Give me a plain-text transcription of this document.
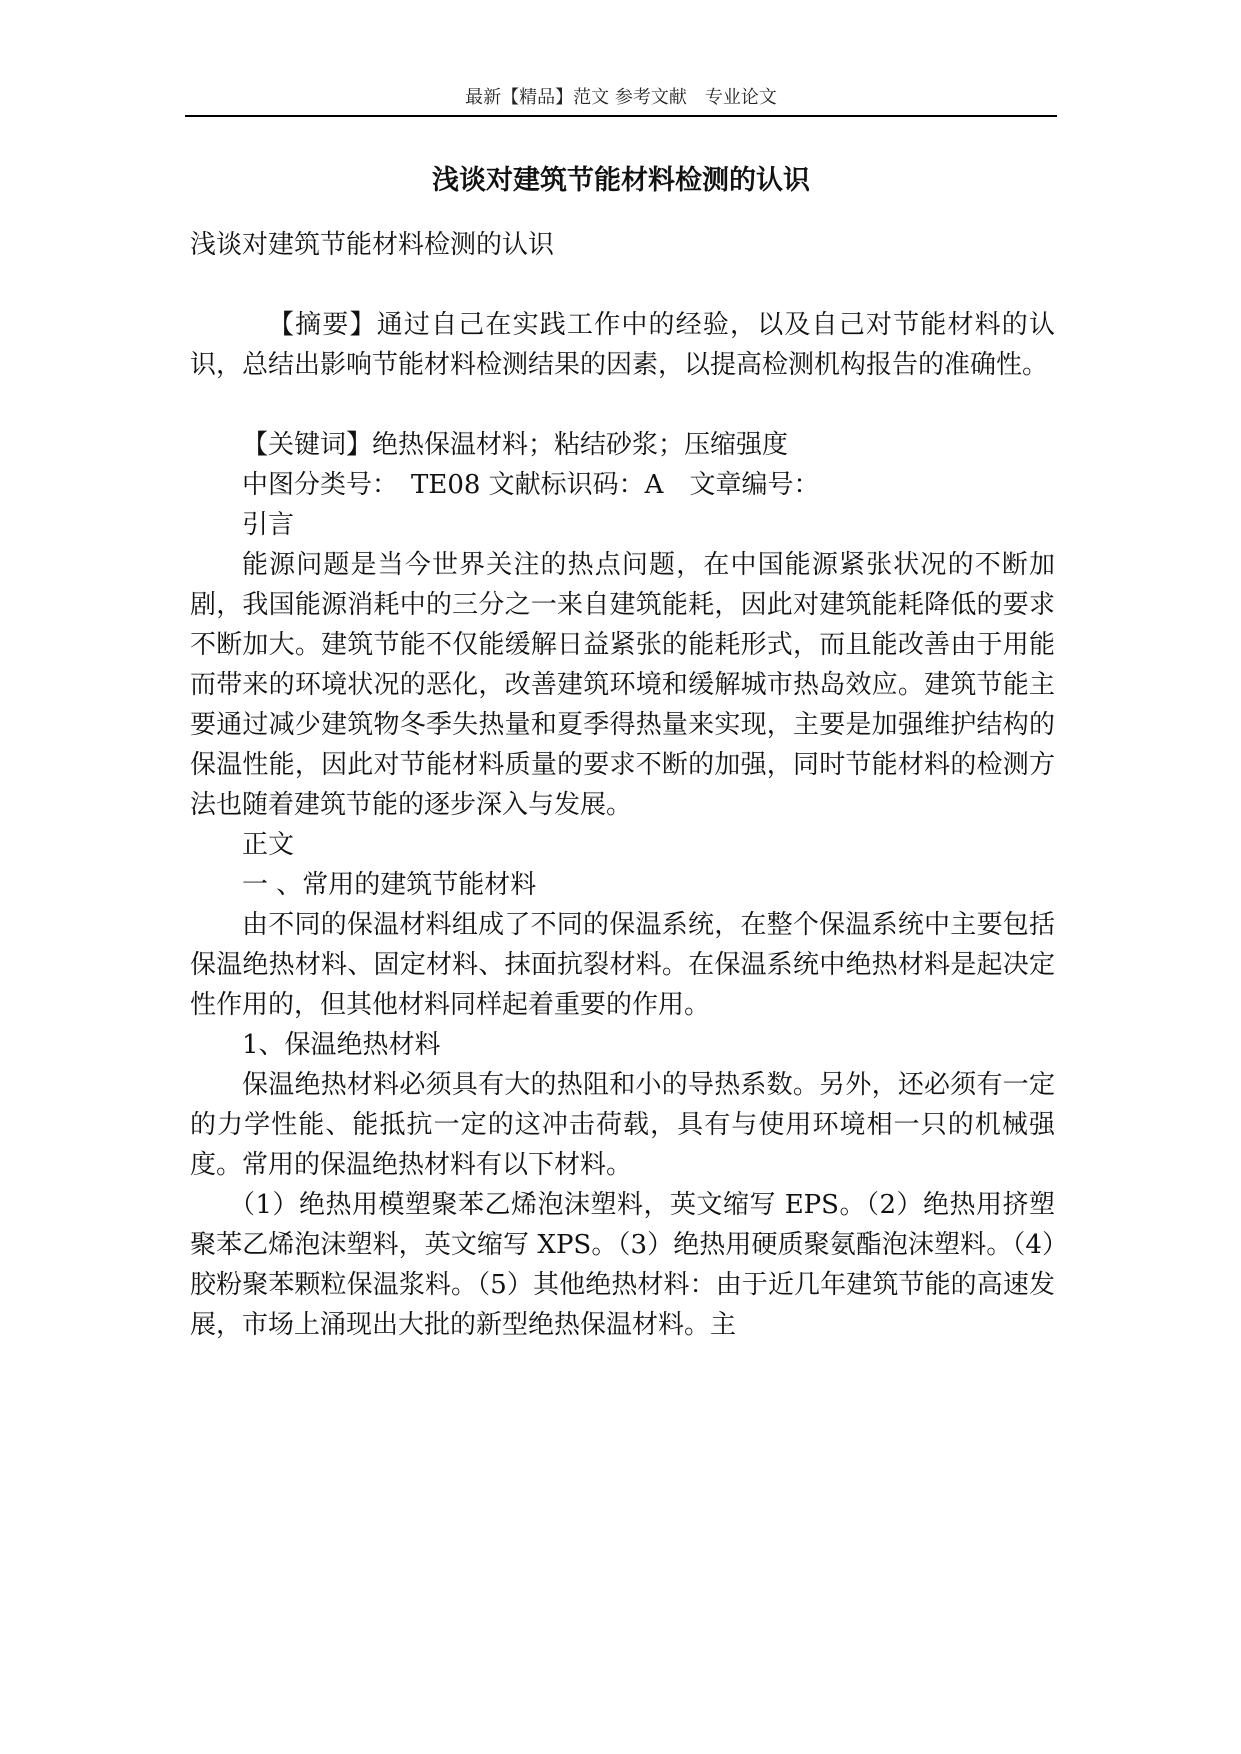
最新【精品】范文 参考文献　专业论文
浅谈对建筑节能材料检测的认识

浅谈对建筑节能材料检测的认识

【摘要】通过自己在实践工作中的经验，以及自己对节能材料的认识，总结出影响节能材料检测结果的因素，以提高检测机构报告的准确性。

【关键词】绝热保温材料；粘结砂浆；压缩强度

中图分类号：　TE08 文献标识码：A　文章编号：

引言

能源问题是当今世界关注的热点问题，在中国能源紧张状况的不断加剧，我国能源消耗中的三分之一来自建筑能耗，因此对建筑能耗降低的要求不断加大。建筑节能不仅能缓解日益紧张的能耗形式，而且能改善由于用能而带来的环境状况的恶化，改善建筑环境和缓解城市热岛效应。建筑节能主要通过减少建筑物冬季失热量和夏季得热量来实现，主要是加强维护结构的保温性能，因此对节能材料质量的要求不断的加强，同时节能材料的检测方法也随着建筑节能的逐步深入与发展。

正文

一 、常用的建筑节能材料

由不同的保温材料组成了不同的保温系统，在整个保温系统中主要包括保温绝热材料、固定材料、抹面抗裂材料。在保温系统中绝热材料是起决定性作用的，但其他材料同样起着重要的作用。

1、保温绝热材料

保温绝热材料必须具有大的热阻和小的导热系数。另外，还必须有一定的力学性能、能抵抗一定的这冲击荷载，具有与使用环境相一只的机械强度。常用的保温绝热材料有以下材料。

（1）绝热用模塑聚苯乙烯泡沫塑料，英文缩写 EPS。（2）绝热用挤塑聚苯乙烯泡沫塑料，英文缩写 XPS。（3）绝热用硬质聚氨酯泡沫塑料。（4）胶粉聚苯颗粒保温浆料。（5）其他绝热材料：由于近几年建筑节能的高速发展，市场上涌现出大批的新型绝热保温材料。主
